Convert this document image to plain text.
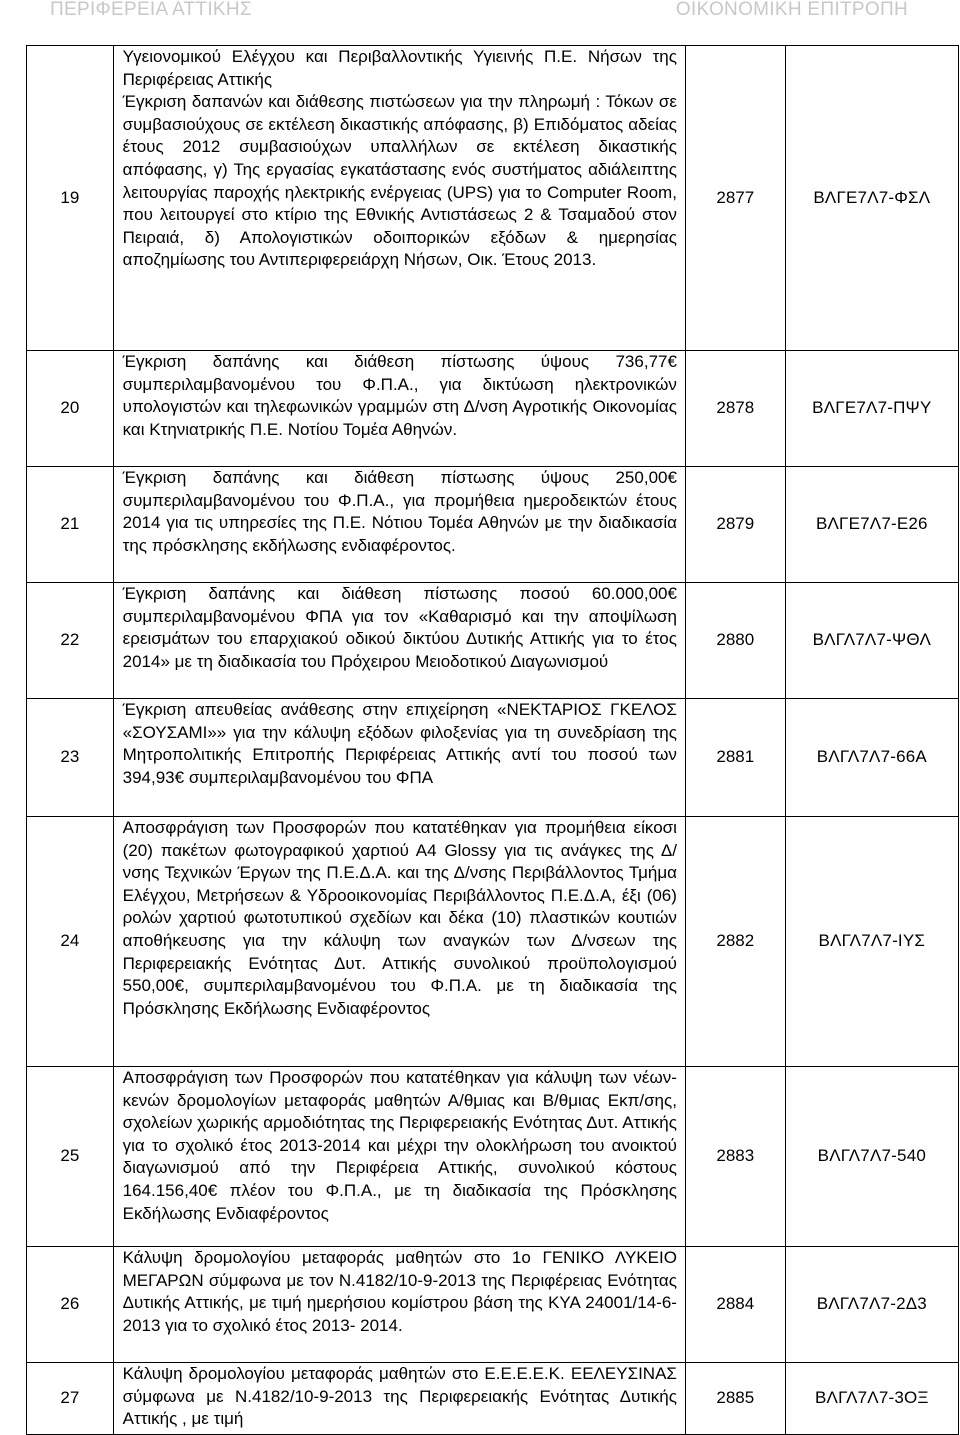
ΠΕΡΙΦΕΡΕΙΑ ΑΤΤΙΚΗΣ	ΟΙΚΟΝΟΜΙΚΗ ΕΠΙΤΡΟΠΗ
19	Υγειονομικού Ελέγχου και Περιβαλλοντικής Υγιεινής Π.Ε. Νήσων της Περιφέρειας Αττικής
Έγκριση δαπανών και διάθεσης πιστώσεων για την πληρωμή : Τόκων σε συμβασιούχους σε εκτέλεση δικαστικής απόφασης, β) Επιδόματος αδείας έτους 2012 συμβασιούχων υπαλλήλων σε εκτέλεση δικαστικής απόφασης, γ) Της εργασίας εγκατάστασης ενός συστήματος αδιάλειπτης λειτουργίας παροχής ηλεκτρικής ενέργειας (UPS) για το Computer Room, που λειτουργεί στο κτίριο της Εθνικής Αντιστάσεως 2 & Τσαμαδού στον Πειραιά, δ) Απολογιστικών οδοιπορικών εξόδων & ημερησίας αποζημίωσης του Αντιπεριφερειάρχη Νήσων, Οικ. Έτους 2013.	2877	ΒΛΓΕ7Λ7-ΦΣΛ
20	Έγκριση δαπάνης και διάθεση πίστωσης ύψους 736,77€ συμπεριλαμβανομένου του Φ.Π.Α., για δικτύωση ηλεκτρονικών υπολογιστών και τηλεφωνικών γραμμών στη Δ/νση Αγροτικής Οικονομίας και Κτηνιατρικής Π.Ε. Νοτίου Τομέα Αθηνών.	2878	ΒΛΓΕ7Λ7-ΠΨΥ
21	Έγκριση δαπάνης και διάθεση πίστωσης ύψους 250,00€ συμπεριλαμβανομένου του Φ.Π.Α., για προμήθεια ημεροδεικτών έτους 2014 για τις υπηρεσίες της Π.Ε. Νότιου Τομέα Αθηνών με την διαδικασία της πρόσκλησης εκδήλωσης ενδιαφέροντος.	2879	ΒΛΓΕ7Λ7-Ε26
22	Έγκριση δαπάνης και διάθεση πίστωσης ποσού 60.000,00€ συμπεριλαμβανομένου ΦΠΑ για τον «Καθαρισμό και την αποψίλωση ερεισμάτων του επαρχιακού οδικού δικτύου Δυτικής Αττικής για το έτος 2014» με τη διαδικασία του Πρόχειρου Μειοδοτικού Διαγωνισμού	2880	ΒΛΓΛ7Λ7-ΨΘΛ
23	Έγκριση απευθείας ανάθεσης στην επιχείρηση «ΝΕΚΤΑΡΙΟΣ ΓΚΕΛΟΣ «ΣΟΥΣΑΜΙ»» για την κάλυψη εξόδων φιλοξενίας για τη συνεδρίαση της Μητροπολιτικής Επιτροπής Περιφέρειας Αττικής αντί του ποσού των 394,93€ συμπεριλαμβανομένου του ΦΠΑ	2881	ΒΛΓΛ7Λ7-66Α
24	Αποσφράγιση των Προσφορών που κατατέθηκαν για προμήθεια είκοσι (20) πακέτων φωτογραφικού χαρτιού Α4 Glossy για τις ανάγκες της Δ/νσης Τεχνικών Έργων της Π.Ε.Δ.Α. και της Δ/νσης Περιβάλλοντος Τμήμα Ελέγχου, Μετρήσεων & Υδροοικονομίας Περιβάλλοντος Π.Ε.Δ.Α, έξι (06) ρολών χαρτιού φωτοτυπικού σχεδίων και δέκα (10) πλαστικών κουτιών αποθήκευσης για την κάλυψη των αναγκών των Δ/νσεων της Περιφερειακής Ενότητας Δυτ. Αττικής συνολικού προϋπολογισμού 550,00€, συμπεριλαμβανομένου του Φ.Π.Α. με τη διαδικασία της Πρόσκλησης Εκδήλωσης Ενδιαφέροντος	2882	ΒΛΓΛ7Λ7-ΙΥΣ
25	Αποσφράγιση των Προσφορών που κατατέθηκαν για κάλυψη των νέων-κενών δρομολογίων μεταφοράς μαθητών Α/θμιας και Β/θμιας Εκπ/σης, σχολείων χωρικής αρμοδιότητας της Περιφερειακής Ενότητας Δυτ. Αττικής για το σχολικό έτος 2013-2014 και μέχρι την ολοκλήρωση του ανοικτού διαγωνισμού από την Περιφέρεια Αττικής, συνολικού κόστους 164.156,40€ πλέον του Φ.Π.Α., με τη διαδικασία της Πρόσκλησης Εκδήλωσης Ενδιαφέροντος	2883	ΒΛΓΛ7Λ7-540
26	Κάλυψη δρομολογίου μεταφοράς μαθητών στο 1ο ΓΕΝΙΚΟ ΛΥΚΕΙΟ ΜΕΓΑΡΩΝ σύμφωνα με τον Ν.4182/10-9-2013 της Περιφέρειας Ενότητας Δυτικής Αττικής, με τιμή ημερήσιου κομίστρου βάση της ΚΥΑ 24001/14-6-2013 για το σχολικό έτος 2013- 2014.	2884	ΒΛΓΛ7Λ7-2Δ3
27	Κάλυψη δρομολογίου μεταφοράς μαθητών στο Ε.Ε.Ε.Ε.Κ. ΕΕΛΕΥΣΙΝΑΣ σύμφωνα με Ν.4182/10-9-2013 της Περιφερειακής Ενότητας Δυτικής Αττικής , με τιμή	2885	ΒΛΓΛ7Λ7-3ΟΞ
